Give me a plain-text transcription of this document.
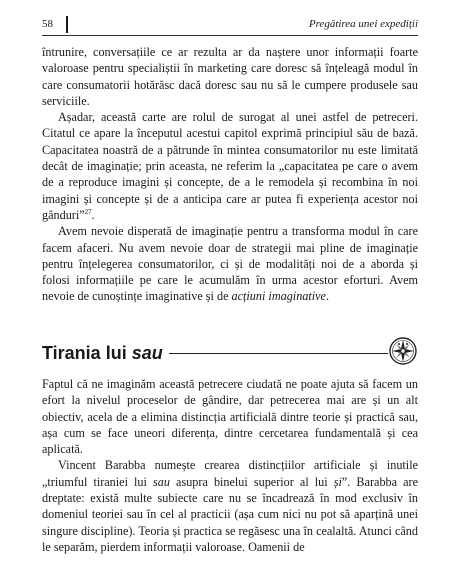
58	Pregătirea unei expediții

întrunire, conversațiile ce ar rezulta ar da naștere unor informații foarte valoroase pentru specialiștii în marketing care doresc să înțeleagă modul în care consumatorii hotărăsc dacă doresc sau nu să le cumpere produsele sau serviciile.

Așadar, această carte are rolul de surogat al unei astfel de petreceri. Citatul ce apare la începutul acestui capitol exprimă principiul său de bază. Capacitatea noastră de a pătrunde în mintea consumatorilor nu este limitată decât de imaginație; prin aceasta, ne referim la „capacitatea pe care o avem de a reproduce imagini și concepte, de a le remodela și recombina în noi imagini și concepte și de a anticipa care ar putea fi experiența acestor noi gânduri”$^{27}$.

Avem nevoie disperată de imaginație pentru a transforma modul în care facem afaceri. Nu avem nevoie doar de strategii mai pline de imaginație pentru înțelegerea consumatorilor, ci și de modalități noi de a aborda și folosi informațiile pe care le acumulăm în urma acestor eforturi. Avem nevoie de cunoștințe imaginative și de acțiuni imaginative.

Tirania lui sau

Faptul că ne imaginăm această petrecere ciudată ne poate ajuta să facem un efort la nivelul proceselor de gândire, dar petrecerea mai are și un alt obiectiv, acela de a elimina distincția artificială dintre teorie și practică sau, așa cum se face uneori diferența, dintre cercetarea fundamentală și cea aplicată.

Vincent Barabba numește crearea distincțiilor artificiale și inutile „triumful tiraniei lui sau asupra binelui superior al lui și”. Barabba are dreptate: există multe subiecte care nu se încadrează în mod exclusiv în domeniul teoriei sau în cel al practicii (așa cum nici nu pot să aparțină unei singure discipline). Teoria și practica se regăsesc una în cealaltă. Atunci când le separăm, pierdem informații valoroase. Oamenii de
